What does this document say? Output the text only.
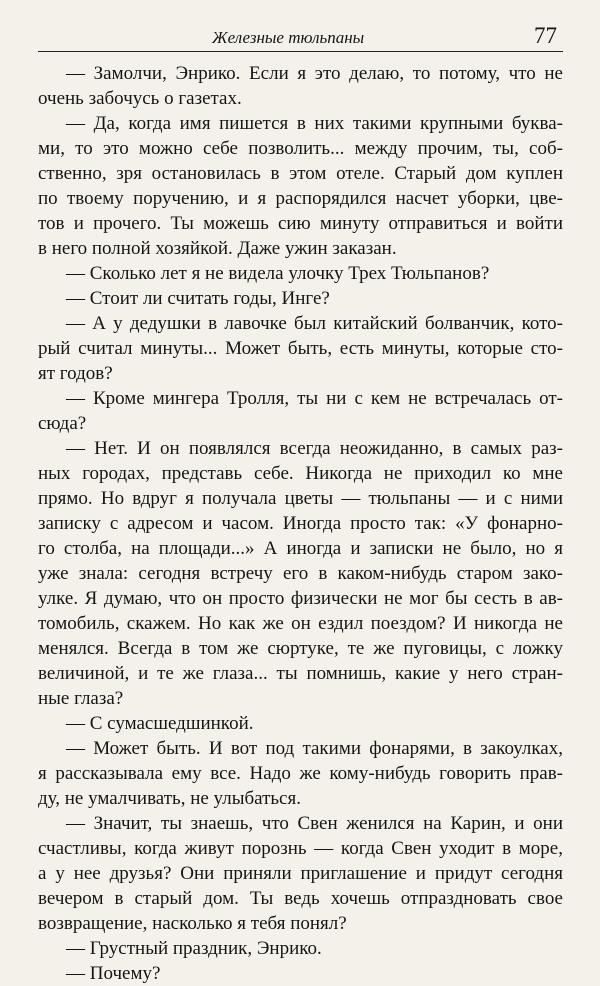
Железные тюльпаны	77
— Замолчи, Энрико. Если я это делаю, то потому, что не
очень забочусь о газетах.
— Да, когда имя пишется в них такими крупными буква-
ми, то это можно себе позволить... между прочим, ты, соб-
ственно, зря остановилась в этом отеле. Старый дом куплен
по твоему поручению, и я распорядился насчет уборки, цве-
тов и прочего. Ты можешь сию минуту отправиться и войти
в него полной хозяйкой. Даже ужин заказан.
— Сколько лет я не видела улочку Трех Тюльпанов?
— Стоит ли считать годы, Инге?
— А у дедушки в лавочке был китайский болванчик, кото-
рый считал минуты... Может быть, есть минуты, которые сто-
ят годов?
— Кроме мингера Тролля, ты ни с кем не встречалась от-
сюда?
— Нет. И он появлялся всегда неожиданно, в самых раз-
ных городах, представь себе. Никогда не приходил ко мне
прямо. Но вдруг я получала цветы — тюльпаны — и с ними
записку с адресом и часом. Иногда просто так: «У фонарно-
го столба, на площади...» А иногда и записки не было, но я
уже знала: сегодня встречу его в каком-нибудь старом зако-
улке. Я думаю, что он просто физически не мог бы сесть в ав-
томобиль, скажем. Но как же он ездил поездом? И никогда не
менялся. Всегда в том же сюртуке, те же пуговицы, с ложку
величиной, и те же глаза... ты помнишь, какие у него стран-
ные глаза?
— С сумасшедшинкой.
— Может быть. И вот под такими фонарями, в закоулках,
я рассказывала ему все. Надо же кому-нибудь говорить прав-
ду, не умалчивать, не улыбаться.
— Значит, ты знаешь, что Свен женился на Карин, и они
счастливы, когда живут порознь — когда Свен уходит в море,
а у нее друзья? Они приняли приглашение и придут сегодня
вечером в старый дом. Ты ведь хочешь отпраздновать свое
возвращение, насколько я тебя понял?
— Грустный праздник, Энрико.
— Почему?
